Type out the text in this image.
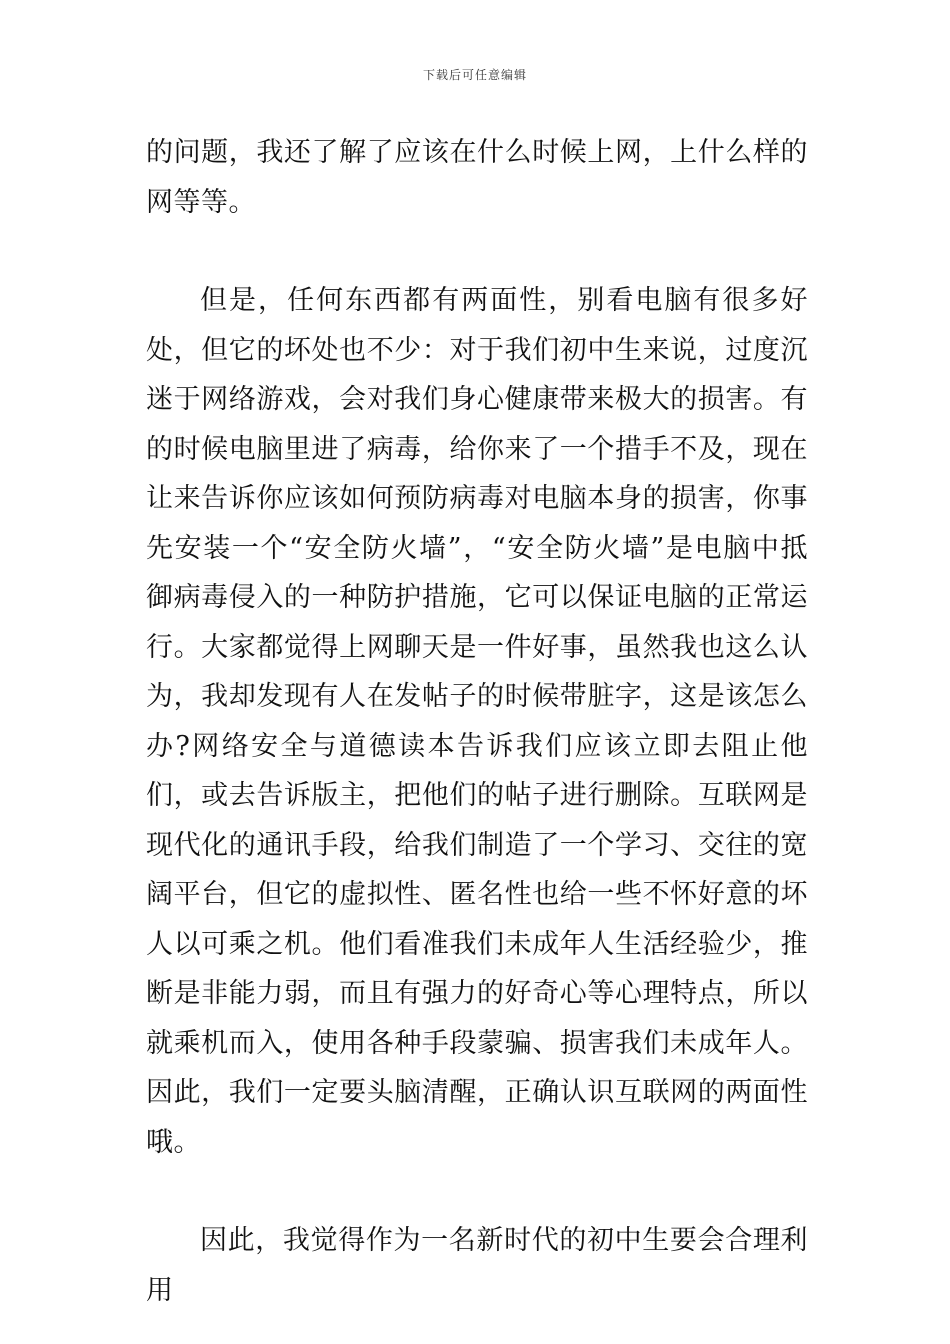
下载后可任意编辑

的问题，我还了解了应该在什么时候上网，上什么样的网等等。

但是，任何东西都有两面性，别看电脑有很多好处，但它的坏处也不少：对于我们初中生来说，过度沉迷于网络游戏，会对我们身心健康带来极大的损害。有的时候电脑里进了病毒，给你来了一个措手不及，现在让来告诉你应该如何预防病毒对电脑本身的损害，你事先安装一个“安全防火墙”，“安全防火墙”是电脑中抵御病毒侵入的一种防护措施，它可以保证电脑的正常运行。大家都觉得上网聊天是一件好事，虽然我也这么认为，我却发现有人在发帖子的时候带脏字，这是该怎么办?网络安全与道德读本告诉我们应该立即去阻止他们，或去告诉版主，把他们的帖子进行删除。互联网是现代化的通讯手段，给我们制造了一个学习、交往的宽阔平台，但它的虚拟性、匿名性也给一些不怀好意的坏人以可乘之机。他们看准我们未成年人生活经验少，推断是非能力弱，而且有强力的好奇心等心理特点，所以就乘机而入，使用各种手段蒙骗、损害我们未成年人。因此，我们一定要头脑清醒，正确认识互联网的两面性哦。

因此，我觉得作为一名新时代的初中生要会合理利用
